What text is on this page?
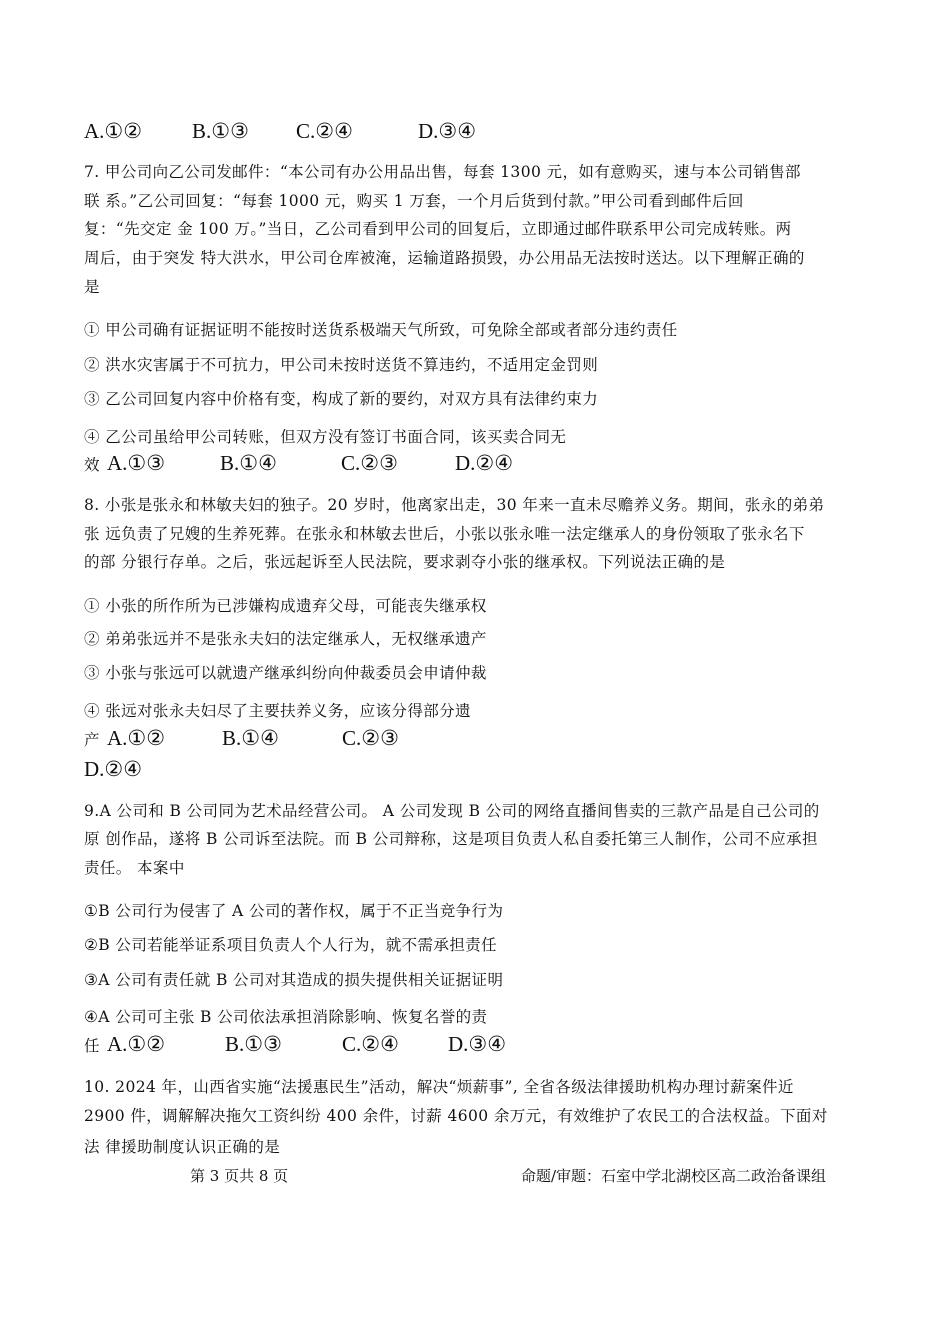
A.①② B.①③ C.②④	D.③④
7. 甲公司向乙公司发邮件：“本公司有办公用品出售，每套 1300 元，如有意购买，速与本公司销售部
联 系。”乙公司回复：“每套 1000 元，购买 1 万套，一个月后货到付款。”甲公司看到邮件后回
复：“先交定 金 100 万。”当日，乙公司看到甲公司的回复后，立即通过邮件联系甲公司完成转账。两
周后，由于突发 特大洪水，甲公司仓库被淹，运输道路损毁，办公用品无法按时送达。以下理解正确的
是
① 甲公司确有证据证明不能按时送货系极端天气所致，可免除全部或者部分违约责任
② 洪水灾害属于不可抗力，甲公司未按时送货不算违约，不适用定金罚则
③ 乙公司回复内容中价格有变，构成了新的要约，对双方具有法律约束力
④ 乙公司虽给甲公司转账，但双方没有签订书面合同，该买卖合同无
效 A.①③	B.①④	C.②③	D.②④
8. 小张是张永和林敏夫妇的独子。20 岁时，他离家出走，30 年来一直未尽赡养义务。期间，张永的弟弟
张 远负责了兄嫂的生养死葬。在张永和林敏去世后，小张以张永唯一法定继承人的身份领取了张永名下
的部 分银行存单。之后，张远起诉至人民法院，要求剥夺小张的继承权。下列说法正确的是
① 小张的所作所为已涉嫌构成遗弃父母，可能丧失继承权
② 弟弟张远并不是张永夫妇的法定继承人，无权继承遗产
③ 小张与张远可以就遗产继承纠纷向仲裁委员会申请仲裁
④ 张远对张永夫妇尽了主要扶养义务，应该分得部分遗
产 A.①②	B.①④	C.②③
D.②④
9.A 公司和 B 公司同为艺术品经营公司。 A 公司发现 B 公司的网络直播间售卖的三款产品是自己公司的
原 创作品，遂将 B 公司诉至法院。而 B 公司辩称，这是项目负责人私自委托第三人制作，公司不应承担
责任。 本案中
①B 公司行为侵害了 A 公司的著作权，属于不正当竞争行为
②B 公司若能举证系项目负责人个人行为，就不需承担责任
③A 公司有责任就 B 公司对其造成的损失提供相关证据证明
④A 公司可主张 B 公司依法承担消除影响、恢复名誉的责
任 A.①②	B.①③	C.②④ D.③④
10. 2024 年，山西省实施“法援惠民生”活动，解决“烦薪事”, 全省各级法律援助机构办理讨薪案件近
2900 件，调解解决拖欠工资纠纷 400 余件，讨薪 4600 余万元，有效维护了农民工的合法权益。下面对
法 律援助制度认识正确的是
第 3 页共 8 页	命题/审题：石室中学北湖校区高二政治备课组
